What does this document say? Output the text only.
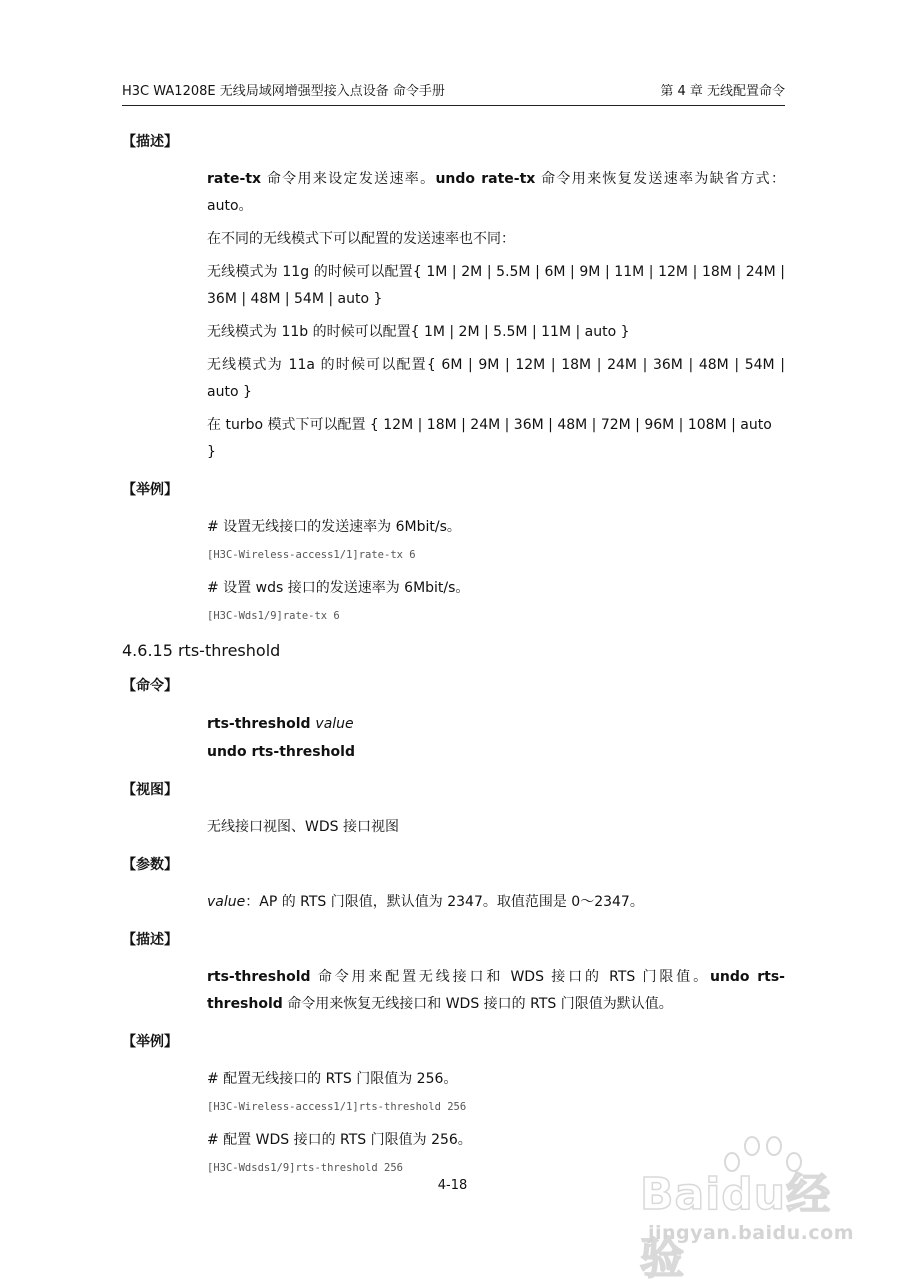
H3C WA1208E 无线局域网增强型接入点设备 命令手册	第 4 章 无线配置命令
【描述】
rate-tx 命令用来设定发送速率。undo rate-tx 命令用来恢复发送速率为缺省方式：auto。
在不同的无线模式下可以配置的发送速率也不同：
无线模式为 11g 的时候可以配置{ 1M | 2M | 5.5M | 6M | 9M | 11M | 12M | 18M | 24M | 36M | 48M | 54M | auto }
无线模式为 11b 的时候可以配置{ 1M | 2M | 5.5M | 11M | auto }
无线模式为 11a 的时候可以配置{ 6M | 9M | 12M | 18M | 24M | 36M | 48M | 54M | auto }
在 turbo 模式下可以配置 { 12M | 18M | 24M | 36M | 48M | 72M | 96M | 108M | auto }
【举例】
# 设置无线接口的发送速率为 6Mbit/s。
[H3C-Wireless-access1/1]rate-tx 6
# 设置 wds 接口的发送速率为 6Mbit/s。
[H3C-Wds1/9]rate-tx 6
4.6.15 rts-threshold
【命令】
rts-threshold value
undo rts-threshold
【视图】
无线接口视图、WDS 接口视图
【参数】
value：AP 的 RTS 门限值，默认值为 2347。取值范围是 0～2347。
【描述】
rts-threshold 命令用来配置无线接口和 WDS 接口的 RTS 门限值。undo rts-threshold 命令用来恢复无线接口和 WDS 接口的 RTS 门限值为默认值。
【举例】
# 配置无线接口的 RTS 门限值为 256。
[H3C-Wireless-access1/1]rts-threshold 256
# 配置 WDS 接口的 RTS 门限值为 256。
[H3C-Wdsds1/9]rts-threshold 256
4-18	Baidu经验
jingyan.baidu.com
